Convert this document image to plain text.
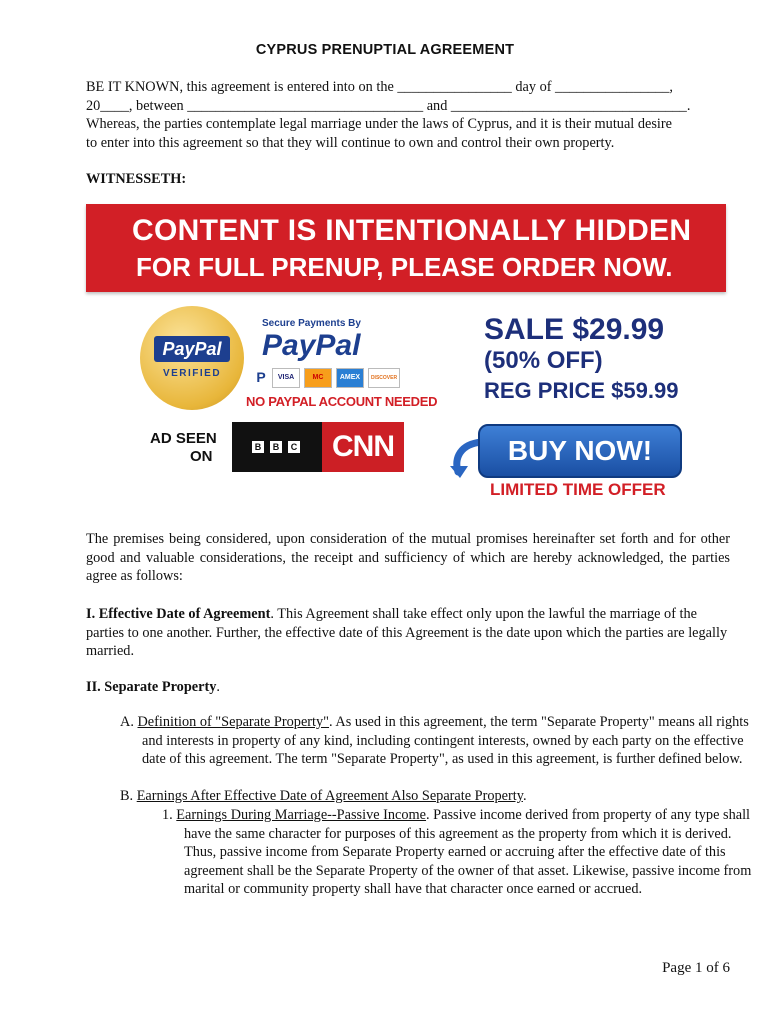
CYPRUS PRENUPTIAL AGREEMENT

BE IT KNOWN, this agreement is entered into on the ________________ day of ________________,
20____, between _________________________________ and _________________________________.
Whereas, the parties contemplate legal marriage under the laws of Cyprus, and it is their mutual desire
to enter into this agreement so that they will continue to own and control their own property.

WITNESSETH:

CONTENT IS INTENTIONALLY HIDDEN
FOR FULL PRENUP, PLEASE ORDER NOW.
PayPal
VERIFIED
Secure Payments By
PayPal
P	VISA	MC	AMEX	DISCOVER
NO PAYPAL ACCOUNT NEEDED
SALE $29.99
(50% OFF)
REG PRICE $59.99
AD SEEN
ON
B	B	C	CNN	BUY NOW!
LIMITED TIME OFFER

The premises being considered, upon consideration of the mutual promises hereinafter set forth and for other good and valuable considerations, the receipt and sufficiency of which are hereby acknowledged, the parties agree as follows:

I. Effective Date of Agreement. This Agreement shall take effect only upon the lawful the marriage of the parties to one another. Further, the effective date of this Agreement is the date upon which the parties are legally married.

II. Separate Property.

A. Definition of "Separate Property". As used in this agreement, the term "Separate Property" means all rights and interests in property of any kind, including contingent interests, owned by each party on the effective date of this agreement. The term "Separate Property", as used in this agreement, is further defined below.

B. Earnings After Effective Date of Agreement Also Separate Property.

1. Earnings During Marriage--Passive Income. Passive income derived from property of any type shall have the same character for purposes of this agreement as the property from which it is derived. Thus, passive income from Separate Property earned or accruing after the effective date of this agreement shall be the Separate Property of the owner of that asset. Likewise, passive income from marital or community property shall have that character once earned or accrued.

Page 1 of 6
